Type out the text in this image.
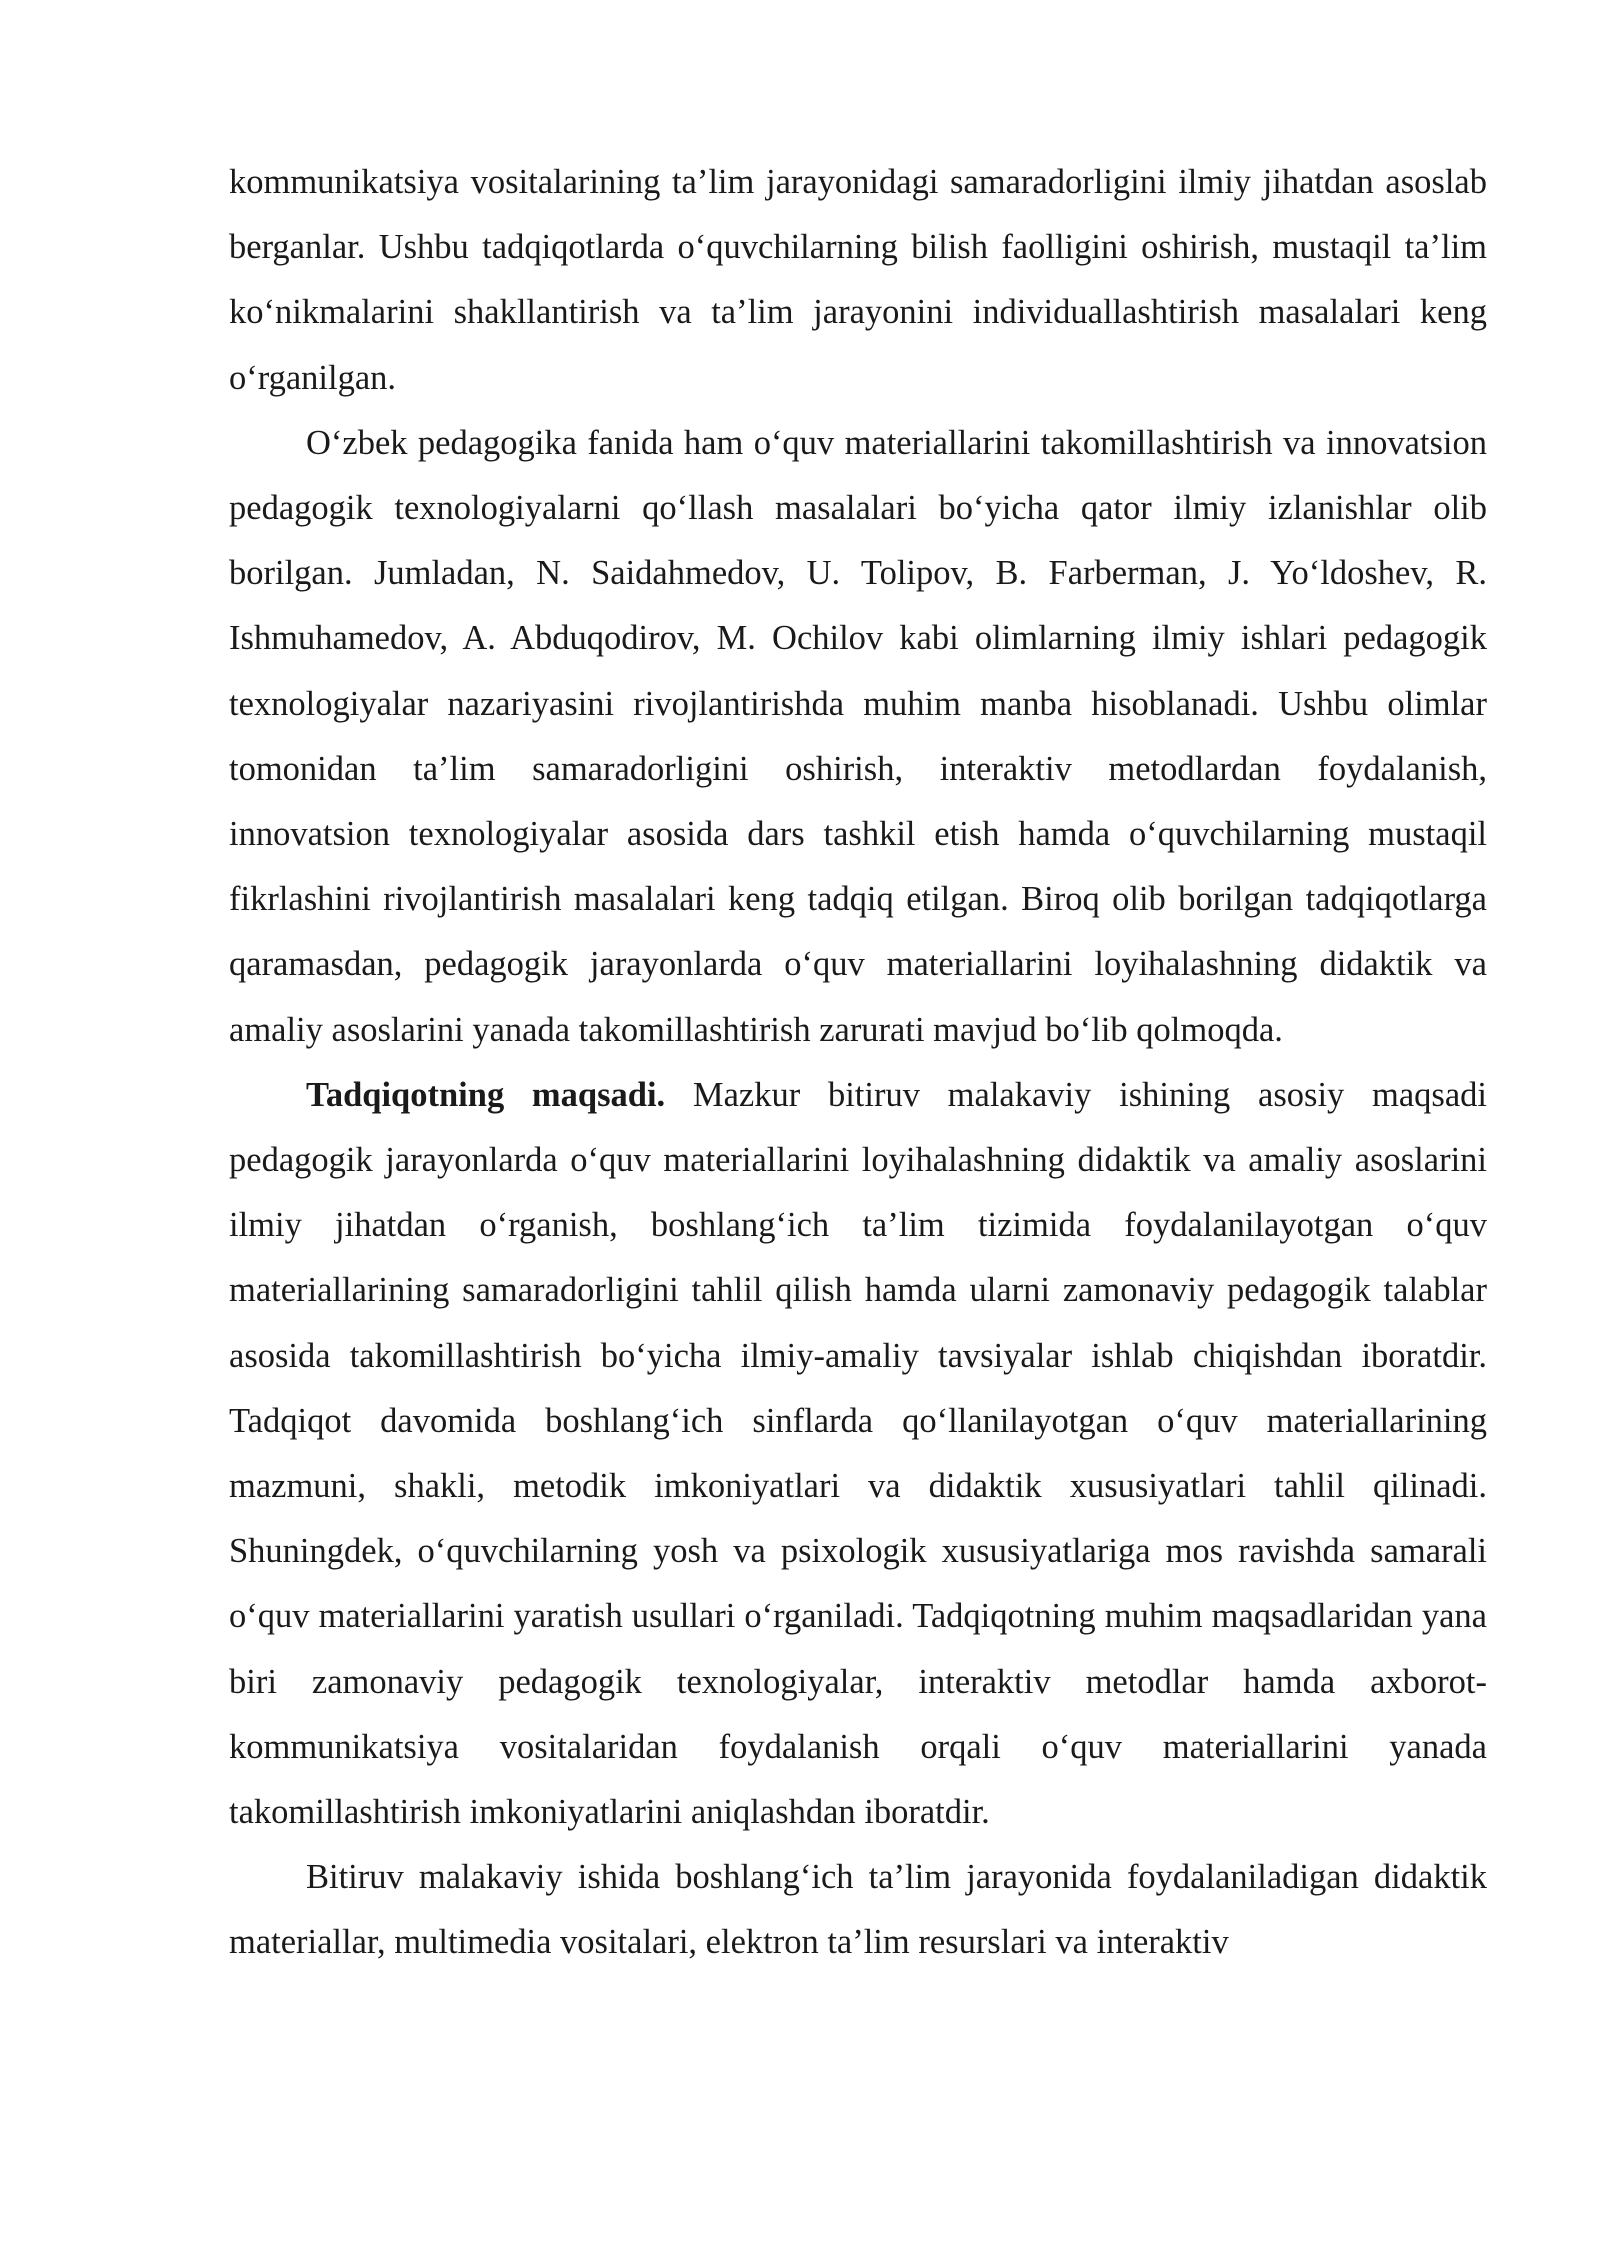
kommunikatsiya vositalarining ta’lim jarayonidagi samaradorligini ilmiy jihatdan asoslab berganlar. Ushbu tadqiqotlarda o‘quvchilarning bilish faolligini oshirish, mustaqil ta’lim ko‘nikmalarini shakllantirish va ta’lim jarayonini individuallashtirish masalalari keng o‘rganilgan.

O‘zbek pedagogika fanida ham o‘quv materiallarini takomillashtirish va innovatsion pedagogik texnologiyalarni qo‘llash masalalari bo‘yicha qator ilmiy izlanishlar olib borilgan. Jumladan, N. Saidahmedov, U. Tolipov, B. Farberman, J. Yo‘ldoshev, R. Ishmuhamedov, A. Abduqodirov, M. Ochilov kabi olimlarning ilmiy ishlari pedagogik texnologiyalar nazariyasini rivojlantirishda muhim manba hisoblanadi. Ushbu olimlar tomonidan ta’lim samaradorligini oshirish, interaktiv metodlardan foydalanish, innovatsion texnologiyalar asosida dars tashkil etish hamda o‘quvchilarning mustaqil fikrlashini rivojlantirish masalalari keng tadqiq etilgan. Biroq olib borilgan tadqiqotlarga qaramasdan, pedagogik jarayonlarda o‘quv materiallarini loyihalashning didaktik va amaliy asoslarini yanada takomillashtirish zarurati mavjud bo‘lib qolmoqda.

Tadqiqotning maqsadi. Mazkur bitiruv malakaviy ishining asosiy maqsadi pedagogik jarayonlarda o‘quv materiallarini loyihalashning didaktik va amaliy asoslarini ilmiy jihatdan o‘rganish, boshlang‘ich ta’lim tizimida foydalanilayotgan o‘quv materiallarining samaradorligini tahlil qilish hamda ularni zamonaviy pedagogik talablar asosida takomillashtirish bo‘yicha ilmiy-amaliy tavsiyalar ishlab chiqishdan iboratdir. Tadqiqot davomida boshlang‘ich sinflarda qo‘llanilayotgan o‘quv materiallarining mazmuni, shakli, metodik imkoniyatlari va didaktik xususiyatlari tahlil qilinadi. Shuningdek, o‘quvchilarning yosh va psixologik xususiyatlariga mos ravishda samarali o‘quv materiallarini yaratish usullari o‘rganiladi. Tadqiqotning muhim maqsadlaridan yana biri zamonaviy pedagogik texnologiyalar, interaktiv metodlar hamda axborot-kommunikatsiya vositalaridan foydalanish orqali o‘quv materiallarini yanada takomillashtirish imkoniyatlarini aniqlashdan iboratdir.

Bitiruv malakaviy ishida boshlang‘ich ta’lim jarayonida foydalaniladigan didaktik materiallar, multimedia vositalari, elektron ta’lim resurslari va interaktiv
